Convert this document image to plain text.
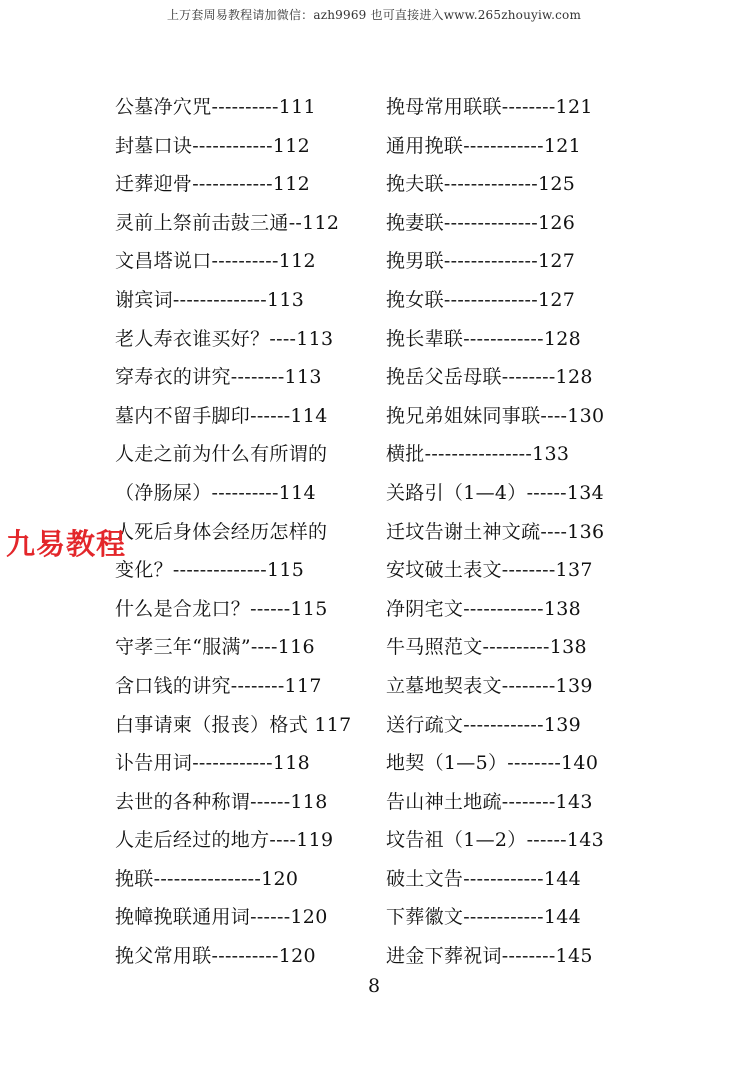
上万套周易教程请加微信：azh9969 也可直接进入www.265zhouyiw.com
公墓净穴咒----------111
封墓口诀------------112
迁葬迎骨------------112
灵前上祭前击鼓三通--112
文昌塔说口----------112
谢宾词--------------113
老人寿衣谁买好？----113
穿寿衣的讲究--------113
墓内不留手脚印------114
人走之前为什么有所谓的
（净肠屎）----------114
人死后身体会经历怎样的
变化？--------------115
什么是合龙口？------115
守孝三年“服满”----116
含口钱的讲究--------117
白事请柬（报丧）格式 117
讣告用词------------118
去世的各种称谓------118
人走后经过的地方----119
挽联----------------120
挽幛挽联通用词------120
挽父常用联----------120
挽母常用联联--------121
通用挽联------------121
挽夫联--------------125
挽妻联--------------126
挽男联--------------127
挽女联--------------127
挽长辈联------------128
挽岳父岳母联--------128
挽兄弟姐妹同事联----130
横批----------------133
关路引（1—4）------134
迁坟告谢土神文疏----136
安坟破土表文--------137
净阴宅文------------138
牛马照范文----------138
立墓地契表文--------139
送行疏文------------139
地契（1—5）--------140
告山神土地疏--------143
坟告祖（1—2）------143
破土文告------------144
下葬徽文------------144
进金下葬祝词--------145
九易教程
8
